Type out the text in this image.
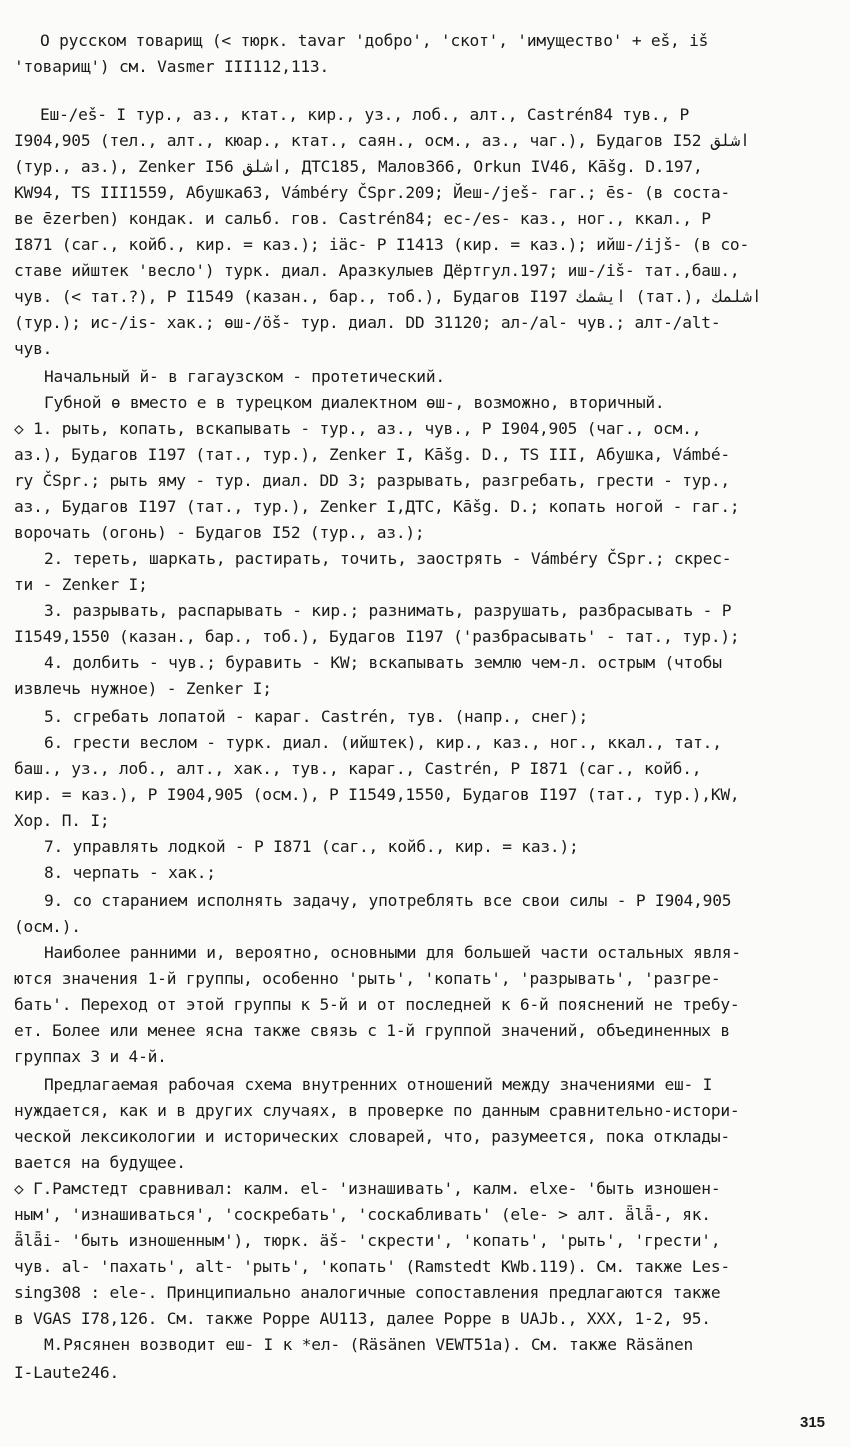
О русском товарищ (< тюрк. tavar 'добро', 'скот', 'имущество' + eš, iš
'товарищ') см. Vasmer III112,113.
Еш-/еš- I тур., аз., ктат., кир., уз., лоб., алт., Castrén84 тув., Р
I904,905 (тел., алт., кюар., ктат., саян., осм., аз., чаг.), Будагов I52 اشلق
(тур., аз.), Zenker I56 اشلق, ДТС185, Малов366, Orkun IV46, Kāšg. D.197,
КW94, TS III1559, Абушка63, Vámbéry ČSpr.209; Йеш-/ješ- гаг.; ēs- (в соста-
ве ēzerben) кондак. и сальб. гов. Castrén84; ес-/es- каз., ног., ккал., Р
I871 (саг., койб., кир. = каз.); іäс- Р I1413 (кир. = каз.); ийш-/ijš- (в со-
ставе ийштек 'весло') турк. диал. Аразкулыев Дёртгул.197; иш-/iš- тат.,баш.,
чув. (< тат.?), Р I1549 (казан., бар., тоб.), Будагов I197 ايشمك (тат.), اشلمك
(тур.); ис-/is- хак.; өш-/öš- тур. диал. DD 31120; ал-/al- чув.; алт-/alt-
чув.
Начальный й- в гагаузском - протетический.
Губной ө вместо е в турецком диалектном өш-, возможно, вторичный.
◇ 1. рыть, копать, вскапывать - тур., аз., чув., Р I904,905 (чаг., осм.,
аз.), Будагов I197 (тат., тур.), Zenker I, Kāšg. D., TS III, Абушка, Vámbé-
ry ČSpr.; рыть яму - тур. диал. DD 3; разрывать, разгребать, грести - тур.,
аз., Будагов I197 (тат., тур.), Zenker I,ДТС, Kāšg. D.; копать ногой - гаг.;
ворочать (огонь) - Будагов I52 (тур., аз.);
2. тереть, шаркать, растирать, точить, заострять - Vámbéry ČSpr.; скрес-
ти - Zenker I;
3. разрывать, распарывать - кир.; разнимать, разрушать, разбрасывать - Р
I1549,1550 (казан., бар., тоб.), Будагов I197 ('разбрасывать' - тат., тур.);
4. долбить - чув.; буравить - КW; вскапывать землю чем-л. острым (чтобы
извлечь нужное) - Zenker I;
5. сгребать лопатой - караг. Castrén, тув. (напр., снег);
6. грести веслом - турк. диал. (ийштек), кир., каз., ног., ккал., тат.,
баш., уз., лоб., алт., хак., тув., караг., Castrén, Р I871 (саг., койб.,
кир. = каз.), Р I904,905 (осм.), Р I1549,1550, Будагов I197 (тат., тур.),КW,
Хор. П. I;
7. управлять лодкой - Р I871 (саг., койб., кир. = каз.);
8. черпать - хак.;
9. со старанием исполнять задачу, употреблять все свои силы - Р I904,905
(осм.).
Наиболее ранними и, вероятно, основными для большей части остальных явля-
ются значения 1-й группы, особенно 'рыть', 'копать', 'разрывать', 'разгре-
бать'. Переход от этой группы к 5-й и от последней к 6-й пояснений не требу-
ет. Более или менее ясна также связь с 1-й группой значений, объединенных в
группах 3 и 4-й.
Предлагаемая рабочая схема внутренних отношений между значениями еш- I
нуждается, как и в других случаях, в проверке по данным сравнительно-истори-
ческой лексикологии и исторических словарей, что, разумеется, пока отклады-
вается на будущее.
◇ Г.Рамстедт сравнивал: калм. el- 'изнашивать', калм. elxe- 'быть изношен-
ным', 'изнашиваться', 'соскребать', 'соскабливать' (ele- > алт. ǟlǟ-, як.
ǟlǟi- 'быть изношенным'), тюрк. äš- 'скрести', 'копать', 'рыть', 'грести',
чув. al- 'пахать', alt- 'рыть', 'копать' (Ramstedt KWb.119). См. также Les-
sing308 : ele-. Принципиально аналогичные сопоставления предлагаются также
в VGAS I78,126. См. также Poppe AU113, далее Poppe в UAJb., XXX, 1-2, 95.
М.Рясянен возводит еш- I к *ел- (Räsänen VEWT51a). См. также Räsänen
I-Laute246.
315
